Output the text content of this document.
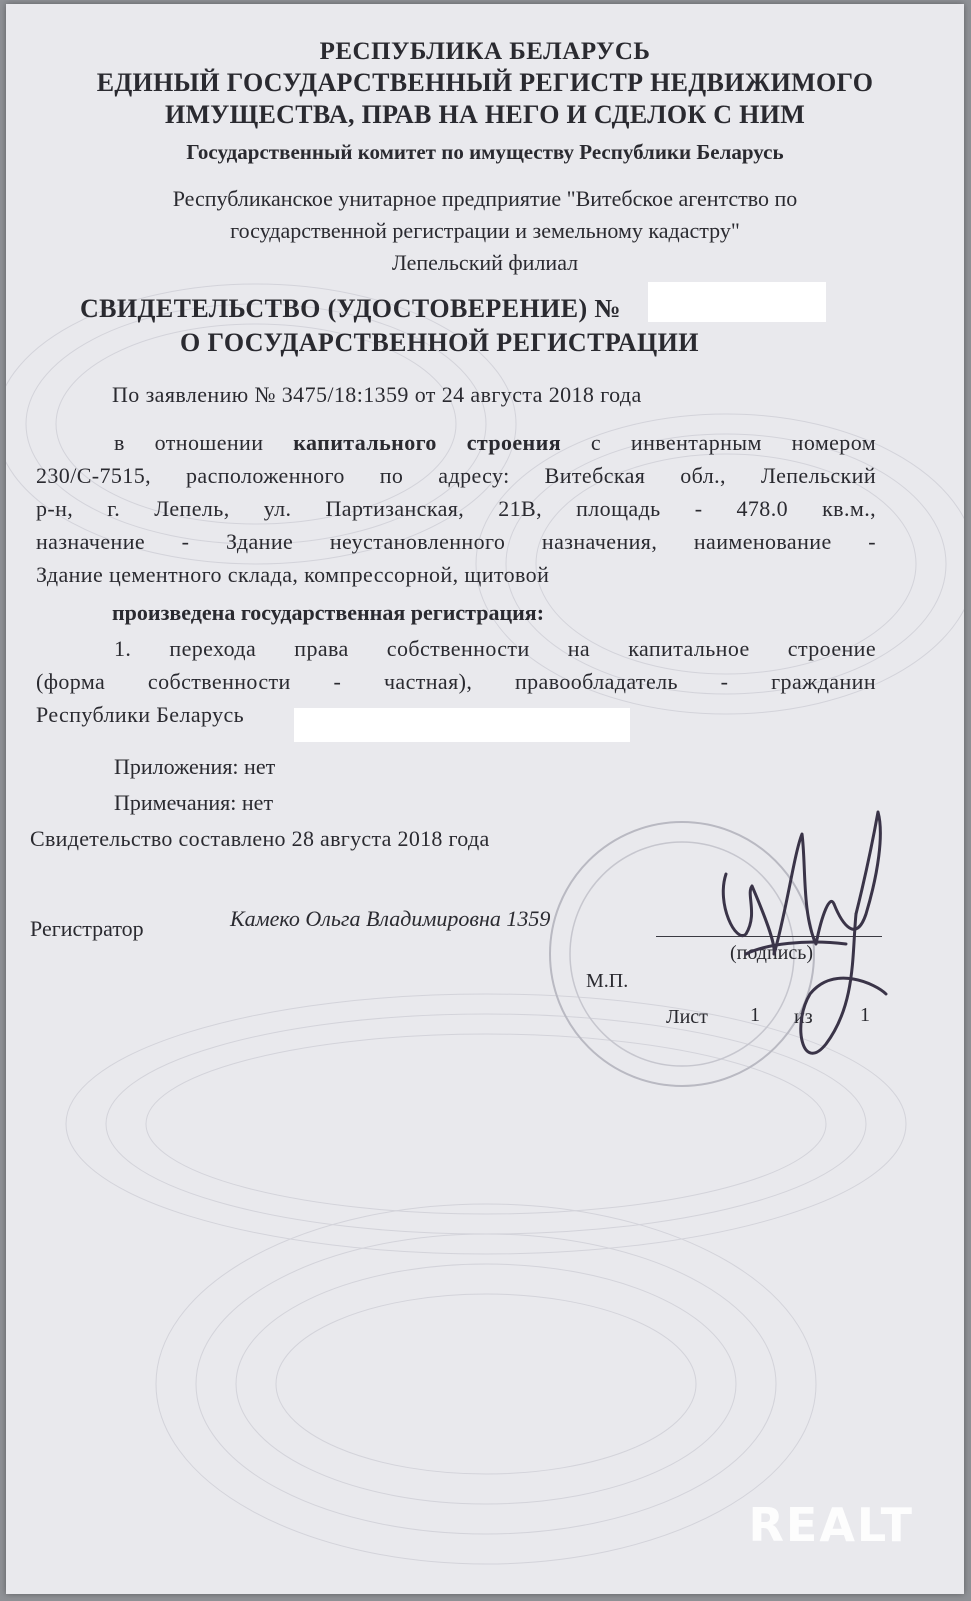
РЕСПУБЛИКА БЕЛАРУСЬ
ЕДИНЫЙ ГОСУДАРСТВЕННЫЙ РЕГИСТР НЕДВИЖИМОГО
ИМУЩЕСТВА, ПРАВ НА НЕГО И СДЕЛОК С НИМ
Государственный комитет по имуществу Республики Беларусь
Республиканское унитарное предприятие "Витебское агентство по
государственной регистрации и земельному кадастру"
Лепельский филиал
СВИДЕТЕЛЬСТВО (УДОСТОВЕРЕНИЕ) №
О ГОСУДАРСТВЕННОЙ РЕГИСТРАЦИИ
По заявлению № 3475/18:1359 от 24 августа 2018 года
в отношении капитального строения с инвентарным номером
230/С-7515, расположенного по адресу: Витебская обл., Лепельский
р-н, г. Лепель, ул. Партизанская, 21В, площадь - 478.0 кв.м.,
назначение - Здание неустановленного назначения, наименование -
Здание цементного склада, компрессорной, щитовой
произведена государственная регистрация:
1. перехода права собственности на капитальное строение
(форма собственности - частная), правообладатель - гражданин
Республики Беларусь
Приложения: нет
Примечания: нет
Свидетельство составлено 28 августа 2018 года
Регистратор	Камеко Ольга Владимировна 1359
(подпись)
М.П.
Лист 1 из 1
REALT
